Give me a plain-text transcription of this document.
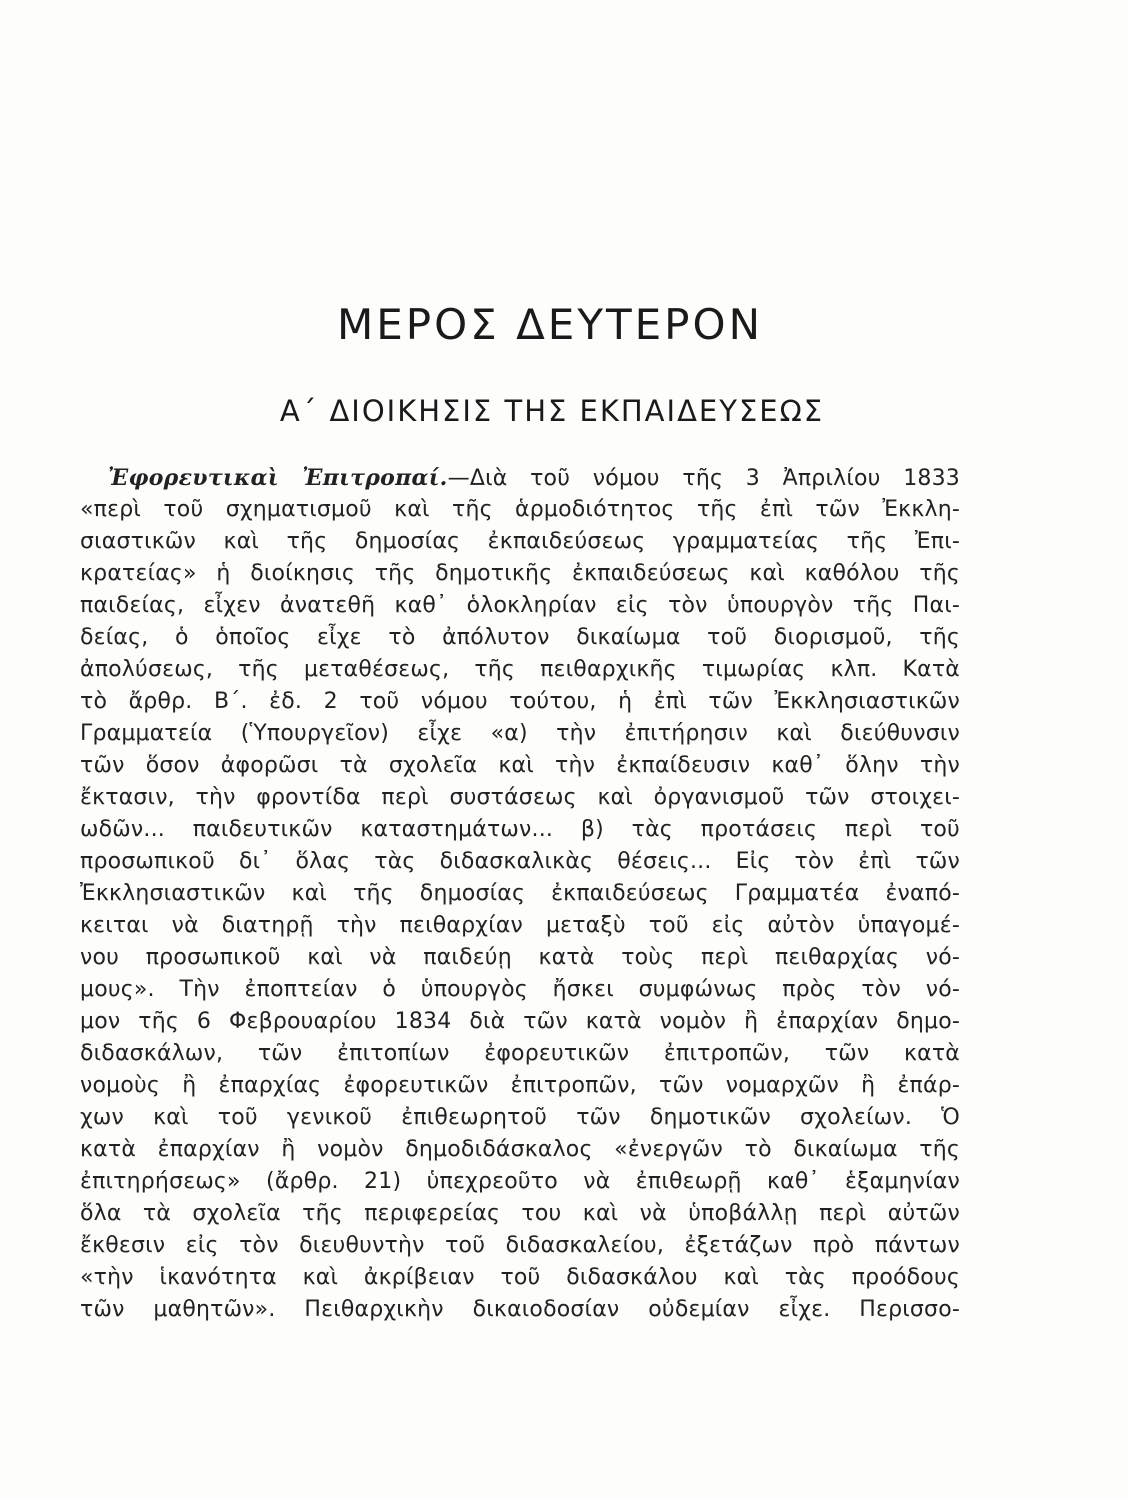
ΜΕΡΟΣ ΔΕΥΤΕΡΟΝ
Α΄ ΔΙΟΙΚΗΣΙΣ ΤΗΣ ΕΚΠΑΙΔΕΥΣΕΩΣ
Ἐφορευτικαὶ Ἐπιτροπαί.—Διὰ τοῦ νόμου τῆς 3 Ἀπριλίου 1833
«περὶ τοῦ σχηματισμοῦ καὶ τῆς ἁρμοδιότητος τῆς ἐπὶ τῶν Ἐκκλη-
σιαστικῶν καὶ τῆς δημοσίας ἐκπαιδεύσεως γραμματείας τῆς Ἐπι-
κρατείας» ἡ διοίκησις τῆς δημοτικῆς ἐκπαιδεύσεως καὶ καθόλου τῆς
παιδείας, εἶχεν ἀνατεθῆ καθ᾽ ὁλοκληρίαν εἰς τὸν ὑπουργὸν τῆς Παι-
δείας, ὁ ὁποῖος εἶχε τὸ ἀπόλυτον δικαίωμα τοῦ διορισμοῦ, τῆς
ἀπολύσεως, τῆς μεταθέσεως, τῆς πειθαρχικῆς τιμωρίας κλπ. Κατὰ
τὸ ἄρθρ. Β΄. ἐδ. 2 τοῦ νόμου τούτου, ἡ ἐπὶ τῶν Ἐκκλησιαστικῶν
Γραμματεία (Ὑπουργεῖον) εἶχε «α) τὴν ἐπιτήρησιν καὶ διεύθυνσιν
τῶν ὅσον ἀφορῶσι τὰ σχολεῖα καὶ τὴν ἐκπαίδευσιν καθ᾽ ὅλην τὴν
ἔκτασιν, τὴν φροντίδα περὶ συστάσεως καὶ ὀργανισμοῦ τῶν στοιχει-
ωδῶν... παιδευτικῶν καταστημάτων... β) τὰς προτάσεις περὶ τοῦ
προσωπικοῦ δι᾽ ὅλας τὰς διδασκαλικὰς θέσεις... Εἰς τὸν ἐπὶ τῶν
Ἐκκλησιαστικῶν καὶ τῆς δημοσίας ἐκπαιδεύσεως Γραμματέα ἐναπό-
κειται νὰ διατηρῇ τὴν πειθαρχίαν μεταξὺ τοῦ εἰς αὐτὸν ὑπαγομέ-
νου προσωπικοῦ καὶ νὰ παιδεύῃ κατὰ τοὺς περὶ πειθαρχίας νό-
μους». Τὴν ἐποπτείαν ὁ ὑπουργὸς ἤσκει συμφώνως πρὸς τὸν νό-
μον τῆς 6 Φεβρουαρίου 1834 διὰ τῶν κατὰ νομὸν ἢ ἐπαρχίαν δημο-
διδασκάλων, τῶν ἐπιτοπίων ἐφορευτικῶν ἐπιτροπῶν, τῶν κατὰ
νομοὺς ἢ ἐπαρχίας ἐφορευτικῶν ἐπιτροπῶν, τῶν νομαρχῶν ἢ ἐπάρ-
χων καὶ τοῦ γενικοῦ ἐπιθεωρητοῦ τῶν δημοτικῶν σχολείων. Ὁ
κατὰ ἐπαρχίαν ἢ νομὸν δημοδιδάσκαλος «ἐνεργῶν τὸ δικαίωμα τῆς
ἐπιτηρήσεως» (ἄρθρ. 21) ὑπεχρεοῦτο νὰ ἐπιθεωρῇ καθ᾽ ἑξαμηνίαν
ὅλα τὰ σχολεῖα τῆς περιφερείας του καὶ νὰ ὑποβάλλῃ περὶ αὐτῶν
ἔκθεσιν εἰς τὸν διευθυντὴν τοῦ διδασκαλείου, ἐξετάζων πρὸ πάντων
«τὴν ἱκανότητα καὶ ἀκρίβειαν τοῦ διδασκάλου καὶ τὰς προόδους
τῶν μαθητῶν». Πειθαρχικὴν δικαιοδοσίαν οὐδεμίαν εἶχε. Περισσο-
